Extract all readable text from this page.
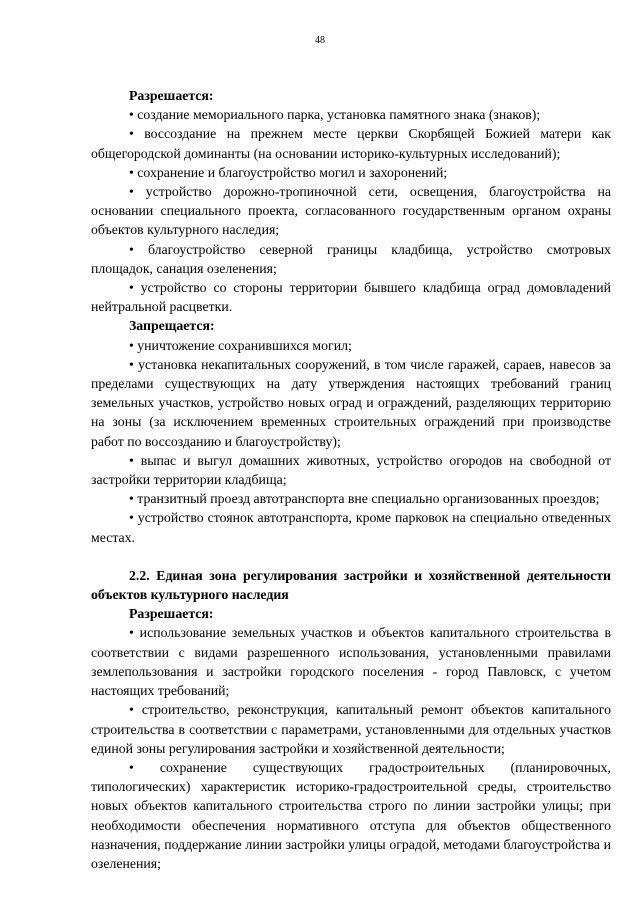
48

Разрешается:

• создание мемориального парка, установка памятного знака (знаков);

• воссоздание на прежнем месте церкви Скорбящей Божией матери как общегородской доминанты (на основании историко-культурных исследований);

• сохранение и благоустройство могил и захоронений;

• устройство дорожно-тропиночной сети, освещения, благоустройства на основании специального проекта, согласованного государственным органом охраны объектов культурного наследия;

• благоустройство северной границы кладбища, устройство смотровых площадок, санация озеленения;

• устройство со стороны территории бывшего кладбища оград домовладений нейтральной расцветки.

Запрещается:

• уничтожение сохранившихся могил;

• установка некапитальных сооружений, в том числе гаражей, сараев, навесов за пределами существующих на дату утверждения настоящих требований границ земельных участков, устройство новых оград и ограждений, разделяющих территорию на зоны (за исключением временных строительных ограждений при производстве работ по воссозданию и благоустройству);

• выпас и выгул домашних животных, устройство огородов на свободной от застройки территории кладбища;

• транзитный проезд автотранспорта вне специально организованных проездов;

• устройство стоянок автотранспорта, кроме парковок на специально отведенных местах.

2.2. Единая зона регулирования застройки и хозяйственной деятельности объектов культурного наследия

Разрешается:

• использование земельных участков и объектов капитального строительства в соответствии с видами разрешенного использования, установленными правилами землепользования и застройки городского поселения - город Павловск, с учетом настоящих требований;

• строительство, реконструкция, капитальный ремонт объектов капитального строительства в соответствии с параметрами, установленными для отдельных участков единой зоны регулирования застройки и хозяйственной деятельности;

• сохранение существующих градостроительных (планировочных, типологических) характеристик историко-градостроительной среды, строительство новых объектов капитального строительства строго по линии застройки улицы; при необходимости обеспечения нормативного отступа для объектов общественного назначения, поддержание линии застройки улицы оградой, методами благоустройства и озеленения;
